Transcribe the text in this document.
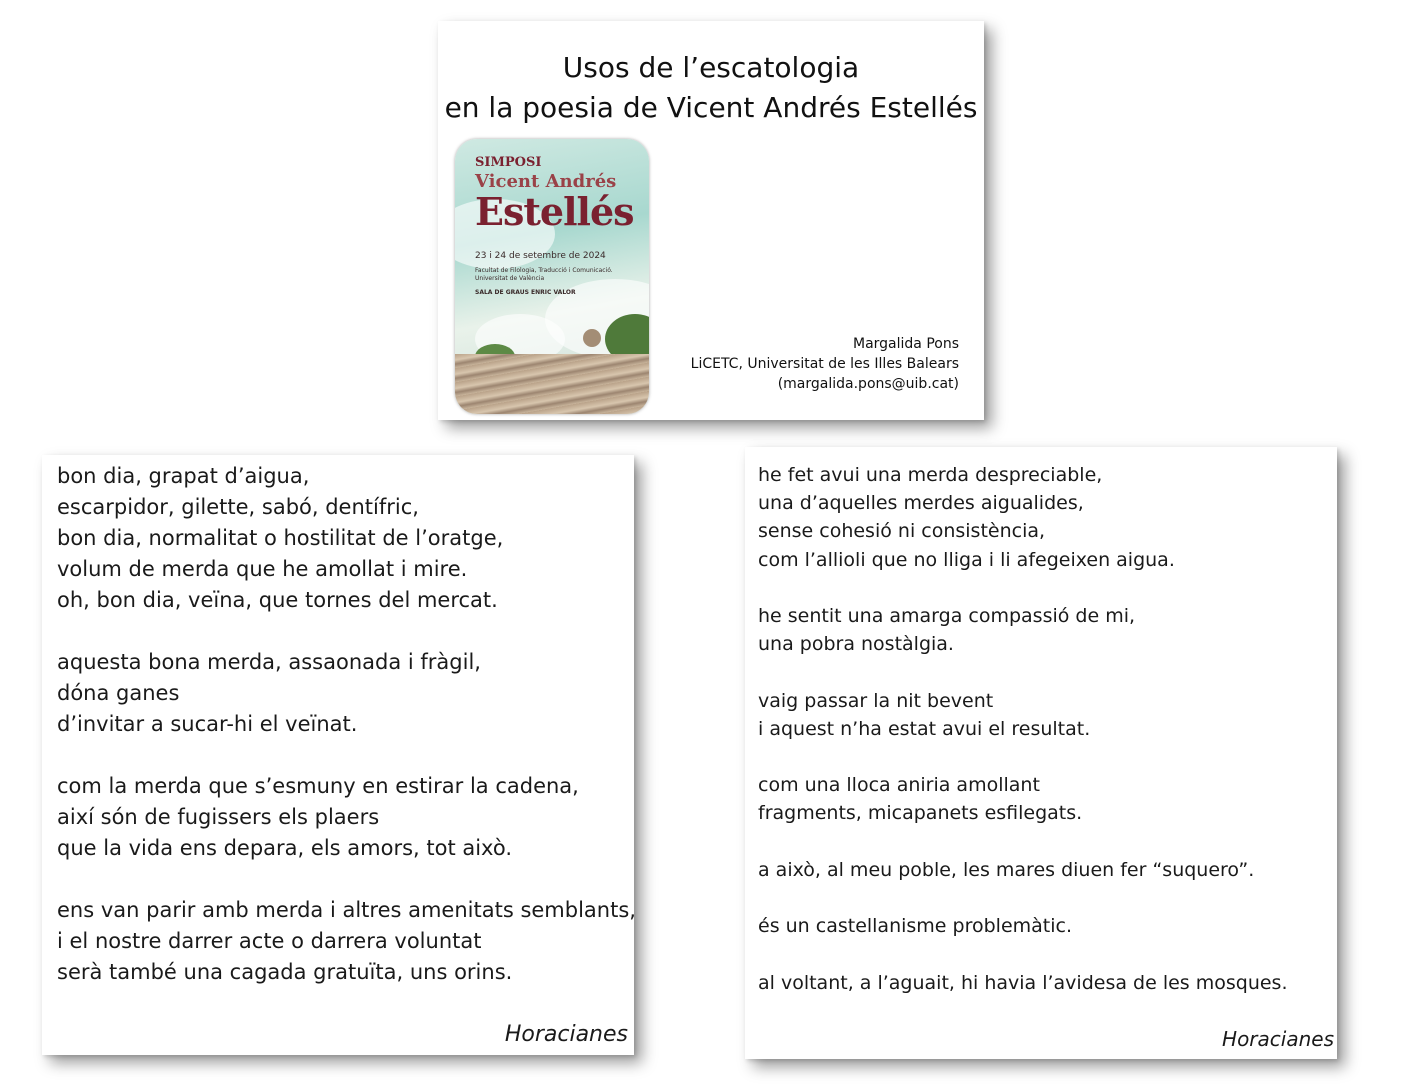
Usos de l’escatologia
en la poesia de Vicent Andrés Estellés
SIMPOSI
Vicent Andrés
Estellés
23 i 24 de setembre de 2024
Facultat de Filologia, Traducció i Comunicació.
Universitat de València
SALA DE GRAUS ENRIC VALOR
Margalida Pons
LiCETC, Universitat de les Illes Balears
(margalida.pons@uib.cat)
bon dia, grapat d’aigua,
escarpidor, gilette, sabó, dentífric,
bon dia, normalitat o hostilitat de l’oratge,
volum de merda que he amollat i mire.
oh, bon dia, veïna, que tornes del mercat.

aquesta bona merda, assaonada i fràgil,
dóna ganes
d’invitar a sucar-hi el veïnat.

com la merda que s’esmuny en estirar la cadena,
així són de fugissers els plaers
que la vida ens depara, els amors, tot això.

ens van parir amb merda i altres amenitats semblants,
i el nostre darrer acte o darrera voluntat
serà també una cagada gratuïta, uns orins.
Horacianes
he fet avui una merda despreciable,
una d’aquelles merdes aigualides,
sense cohesió ni consistència,
com l’allioli que no lliga i li afegeixen aigua.

he sentit una amarga compassió de mi,
una pobra nostàlgia.

vaig passar la nit bevent
i aquest n’ha estat avui el resultat.

com una lloca aniria amollant
fragments, micapanets esfilegats.

a això, al meu poble, les mares diuen fer “suquero”.

és un castellanisme problemàtic.

al voltant, a l’aguait, hi havia l’avidesa de les mosques.
Horacianes
